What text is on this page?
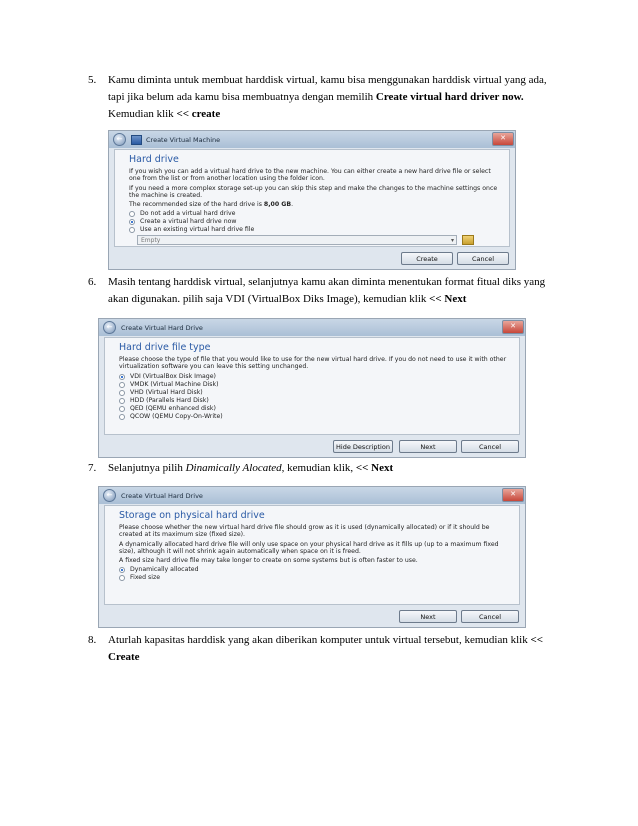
5. Kamu diminta untuk membuat harddisk virtual, kamu bisa menggunakan harddisk virtual yang ada, tapi jika belum ada kamu bisa membuatnya dengan memilih Create virtual hard driver now. Kemudian klik << create
←	Create Virtual Machine	✕
Hard drive
If you wish you can add a virtual hard drive to the new machine. You can either create a new hard drive file or select one from the list or from another location using the folder icon.
If you need a more complex storage set-up you can skip this step and make the changes to the machine settings once the machine is created.
The recommended size of the hard drive is 8,00 GB.
Do not add a virtual hard drive
Create a virtual hard drive now
Use an existing virtual hard drive file
Empty	▾
Create	Cancel
6. Masih tentang harddisk virtual, selanjutnya kamu akan diminta menentukan format fitual diks yang akan digunakan. pilih saja VDI (VirtualBox Diks Image), kemudian klik << Next
←	Create Virtual Hard Drive	✕
Hard drive file type
Please choose the type of file that you would like to use for the new virtual hard drive. If you do not need to use it with other virtualization software you can leave this setting unchanged.
VDI (VirtualBox Disk Image)
VMDK (Virtual Machine Disk)
VHD (Virtual Hard Disk)
HDD (Parallels Hard Disk)
QED (QEMU enhanced disk)
QCOW (QEMU Copy-On-Write)
Hide Description	Next	Cancel
7. Selanjutnya pilih Dinamically Alocated, kemudian klik, << Next
←	Create Virtual Hard Drive	✕
Storage on physical hard drive
Please choose whether the new virtual hard drive file should grow as it is used (dynamically allocated) or if it should be created at its maximum size (fixed size).
A dynamically allocated hard drive file will only use space on your physical hard drive as it fills up (up to a maximum fixed size), although it will not shrink again automatically when space on it is freed.
A fixed size hard drive file may take longer to create on some systems but is often faster to use.
Dynamically allocated
Fixed size
Next	Cancel
8. Aturlah kapasitas harddisk yang akan diberikan komputer untuk virtual tersebut, kemudian klik << Create
